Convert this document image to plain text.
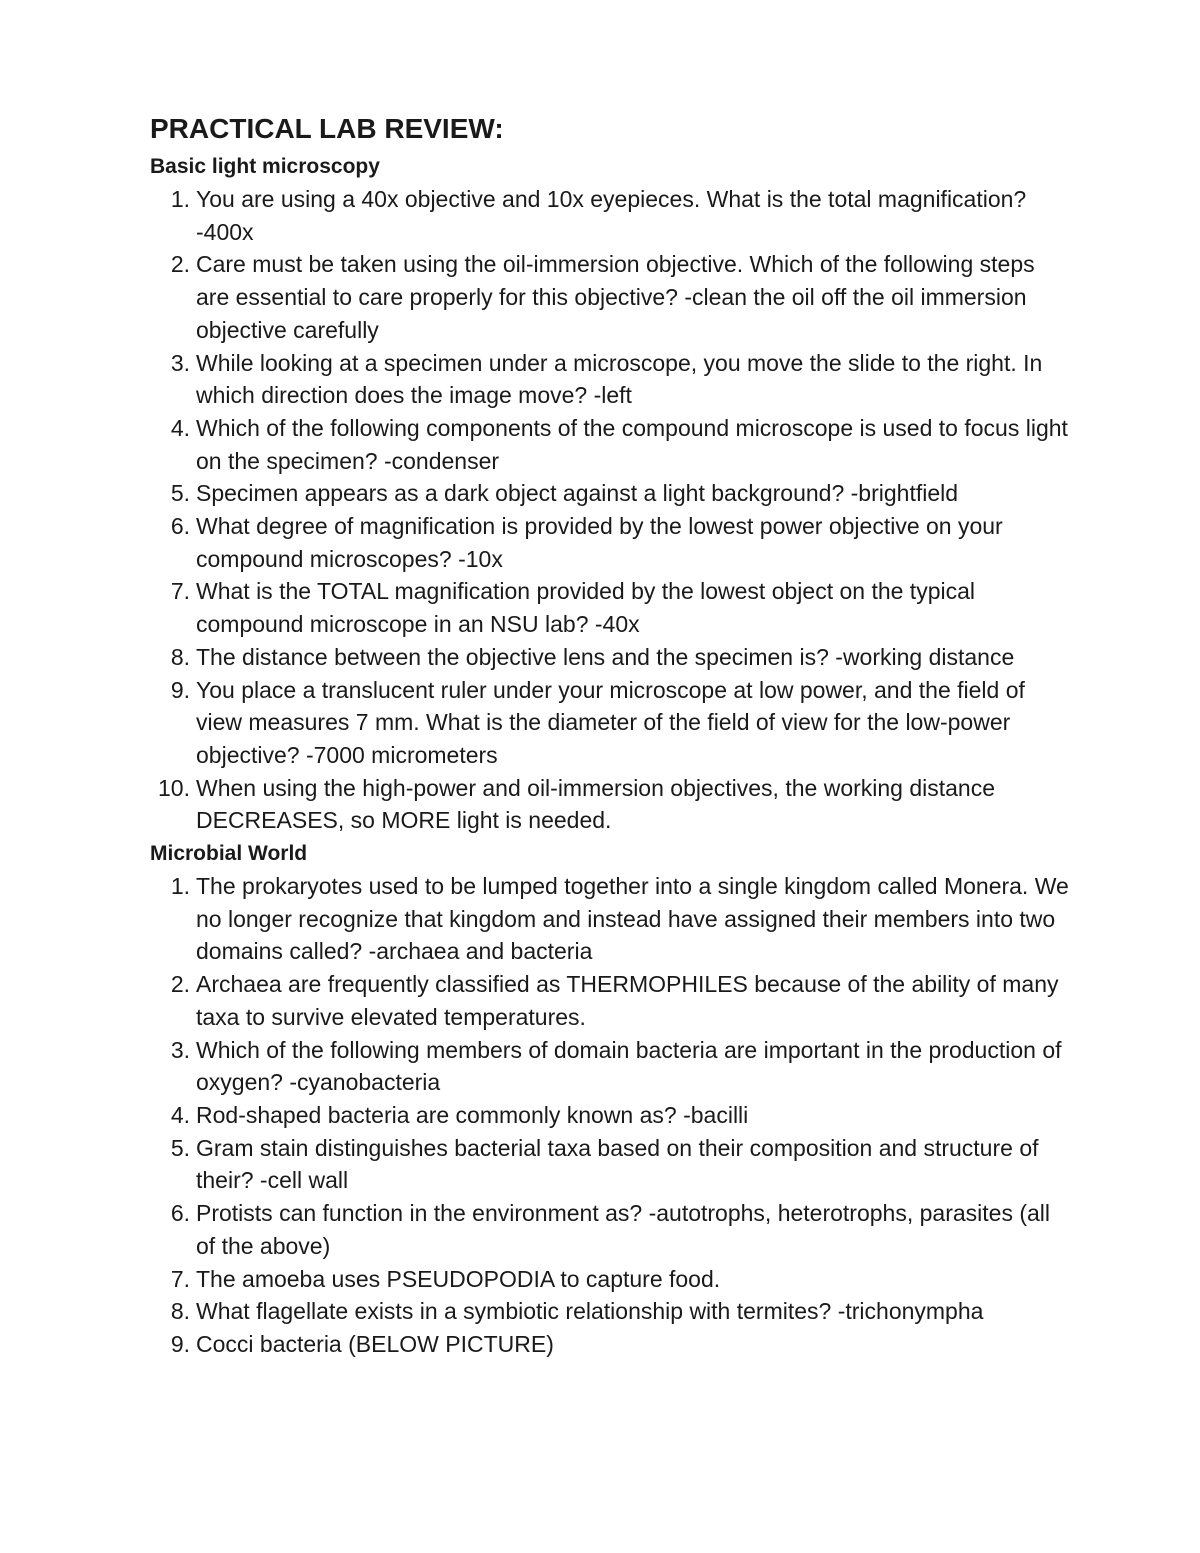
PRACTICAL LAB REVIEW:
Basic light microscopy
1. You are using a 40x objective and 10x eyepieces. What is the total magnification? -400x
2. Care must be taken using the oil-immersion objective. Which of the following steps are essential to care properly for this objective? -clean the oil off the oil immersion objective carefully
3. While looking at a specimen under a microscope, you move the slide to the right. In which direction does the image move? -left
4. Which of the following components of the compound microscope is used to focus light on the specimen? -condenser
5. Specimen appears as a dark object against a light background? -brightfield
6. What degree of magnification is provided by the lowest power objective on your compound microscopes? -10x
7. What is the TOTAL magnification provided by the lowest object on the typical compound microscope in an NSU lab? -40x
8. The distance between the objective lens and the specimen is? -working distance
9. You place a translucent ruler under your microscope at low power, and the field of view measures 7 mm. What is the diameter of the field of view for the low-power objective? -7000 micrometers
10. When using the high-power and oil-immersion objectives, the working distance DECREASES, so MORE light is needed.
Microbial World
1. The prokaryotes used to be lumped together into a single kingdom called Monera. We no longer recognize that kingdom and instead have assigned their members into two domains called? -archaea and bacteria
2. Archaea are frequently classified as THERMOPHILES because of the ability of many taxa to survive elevated temperatures.
3. Which of the following members of domain bacteria are important in the production of oxygen? -cyanobacteria
4. Rod-shaped bacteria are commonly known as? -bacilli
5. Gram stain distinguishes bacterial taxa based on their composition and structure of their? -cell wall
6. Protists can function in the environment as? -autotrophs, heterotrophs, parasites (all of the above)
7. The amoeba uses PSEUDOPODIA to capture food.
8. What flagellate exists in a symbiotic relationship with termites? -trichonympha
9. Cocci bacteria (BELOW PICTURE)
